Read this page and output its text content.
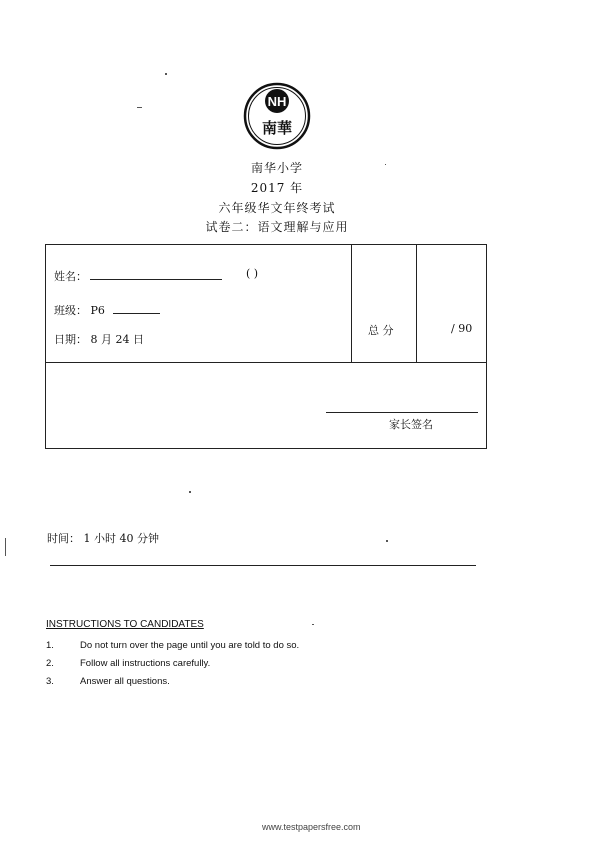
NH
南華
南华小学
2017 年
六年级华文年终考试
试卷二：语文理解与应用
姓名：	( )
班级： P6
日期： 8 月 24 日
总 分	/ 90
家长签名
时间： 1 小时 40 分钟
INSTRUCTIONS TO CANDIDATES
1.	Do not turn over the page until you are told to do so.
2.	Follow all instructions carefully.
3.	Answer all questions.
www.testpapersfree.com
